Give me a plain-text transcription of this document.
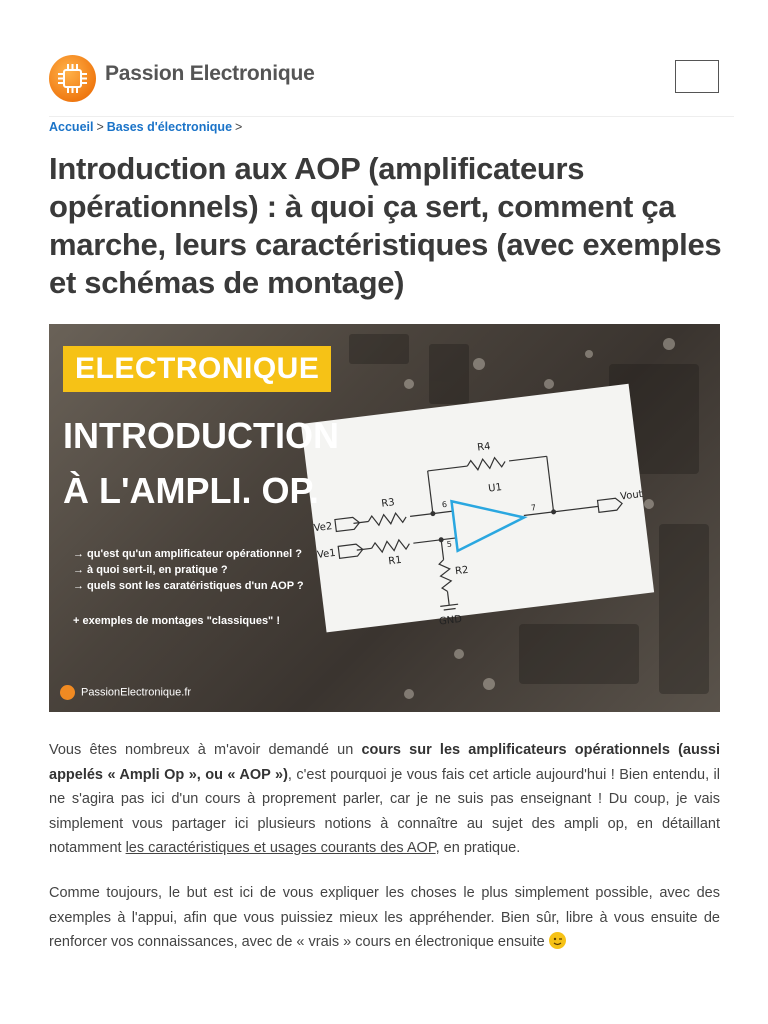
Passion Electronique
Accueil > Bases d'électronique >
Introduction aux AOP (amplificateurs opérationnels) : à quoi ça sert, comment ça marche, leurs caractéristiques (avec exemples et schémas de montage)
R4
U1
R3
R1
R2
Ve2
Ve1
Vout
GND
6
5
7
ELECTRONIQUE
INTRODUCTION
À L'AMPLI. OP.
→ qu'est qu'un amplificateur opérationnel ?
→ à quoi sert-il, en pratique ?
→ quels sont les caratéristiques d'un AOP ?
+ exemples de montages "classiques" !
PassionElectronique.fr

Vous êtes nombreux à m'avoir demandé un cours sur les amplificateurs opérationnels (aussi appelés « Ampli Op », ou « AOP »), c'est pourquoi je vous fais cet article aujourd'hui ! Bien entendu, il ne s'agira pas ici d'un cours à proprement parler, car je ne suis pas enseignant ! Du coup, je vais simplement vous partager ici plusieurs notions à connaître au sujet des ampli op, en détaillant notamment les caractéristiques et usages courants des AOP, en pratique.

Comme toujours, le but est ici de vous expliquer les choses le plus simplement possible, avec des exemples à l'appui, afin que vous puissiez mieux les appréhender. Bien sûr, libre à vous ensuite de renforcer vos connaissances, avec de « vrais » cours en électronique ensuite
